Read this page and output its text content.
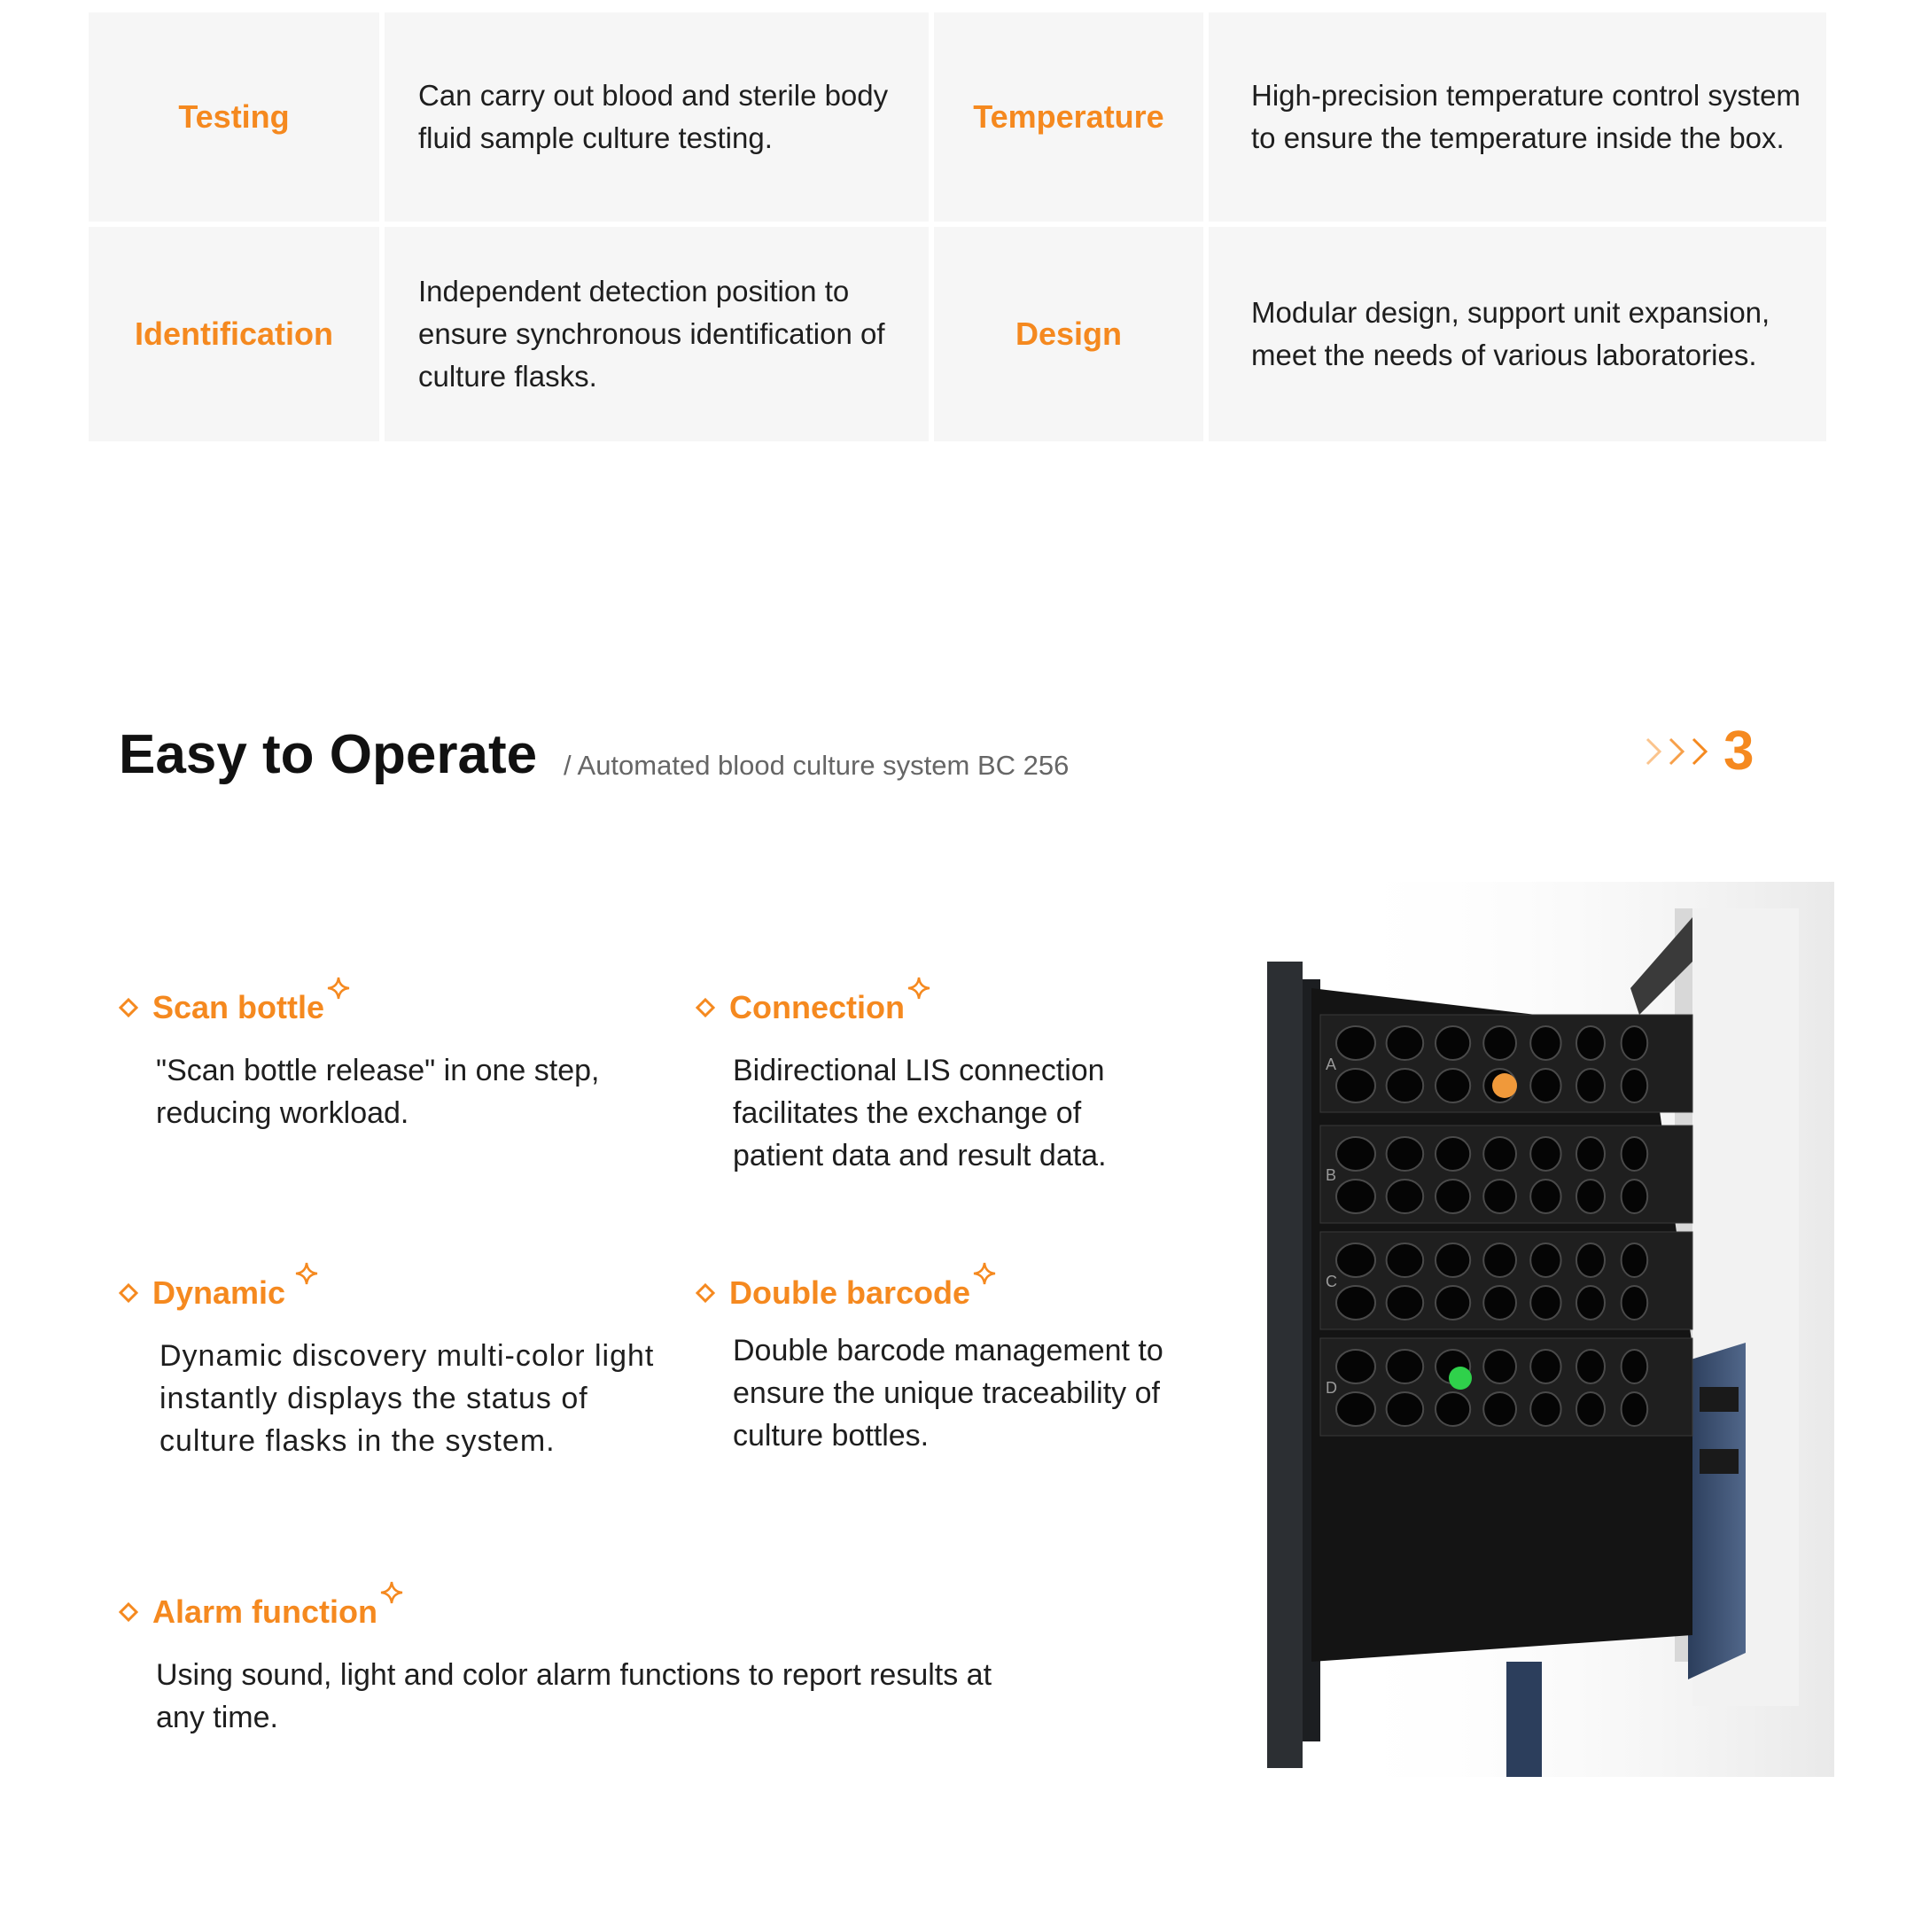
Testing
Can carry out blood and sterile body fluid sample culture testing.
Temperature
High-precision temperature control system to ensure the temperature inside the box.
Identification
Independent detection position to ensure synchronous identification of culture flasks.
Design
Modular design, support unit expansion, meet the needs of various laboratories.
Easy to Operate / Automated blood culture system BC 256	3
Scan bottle
"Scan bottle release" in one step, reducing workload.
Connection
Bidirectional LIS connection facilitates the exchange of patient data and result data.
Dynamic
Dynamic discovery multi-color light instantly displays the status of culture flasks in the system.
Double barcode
Double barcode management to ensure the unique traceability of culture bottles.
Alarm function
Using sound, light and color alarm functions to report results at any time.
A
B
C
D
